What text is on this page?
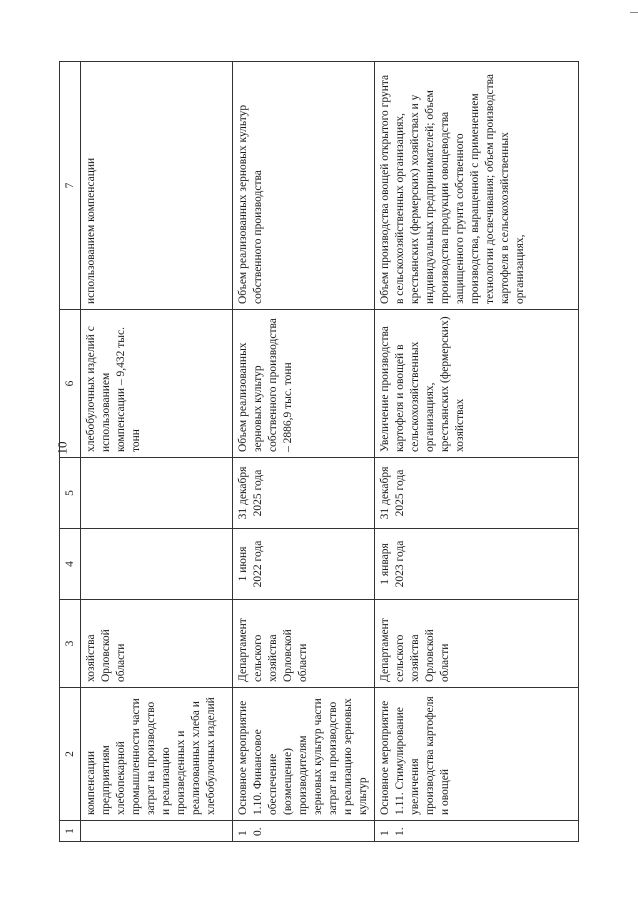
10
1	2	3	4	5	6	7
	компенсации предприятиям хлебопекарной промышленности части затрат на производство и реализацию произведенных и реализованных хлеба и хлебобулочных изделий	хозяйства Орловской области			хлебобулочных изделий с использованием компенсации – 9,432 тыс. тонн	использованием компенсации
10.	Основное мероприятие 1.10. Финансовое обеспечение (возмещение) производителям зерновых культур части затрат на производство и реализацию зерновых культур	Департамент сельского хозяйства Орловской области	1 июня 2022 года	31 декабря 2025 года	Объем реализованных зерновых культур собственного производства – 2886,9 тыс. тонн	Объем реализованных зерновых культур собственного производства
11.	Основное мероприятие 1.11. Стимулирование увеличения производства картофеля и овощей	Департамент сельского хозяйства Орловской области	1 января 2023 года	31 декабря 2025 года	Увеличение производства картофеля и овощей в сельскохозяйственных организациях, крестьянских (фермерских) хозяйствах	Объем производства овощей открытого грунта в сельскохозяйственных организациях, крестьянских (фермерских) хозяйствах и у индивидуальных предпринимателей; объем производства продукции овощеводства защищенного грунта собственного производства, выращенной с применением технологии досвечивания; объем производства картофеля в сельскохозяйственных организациях,
